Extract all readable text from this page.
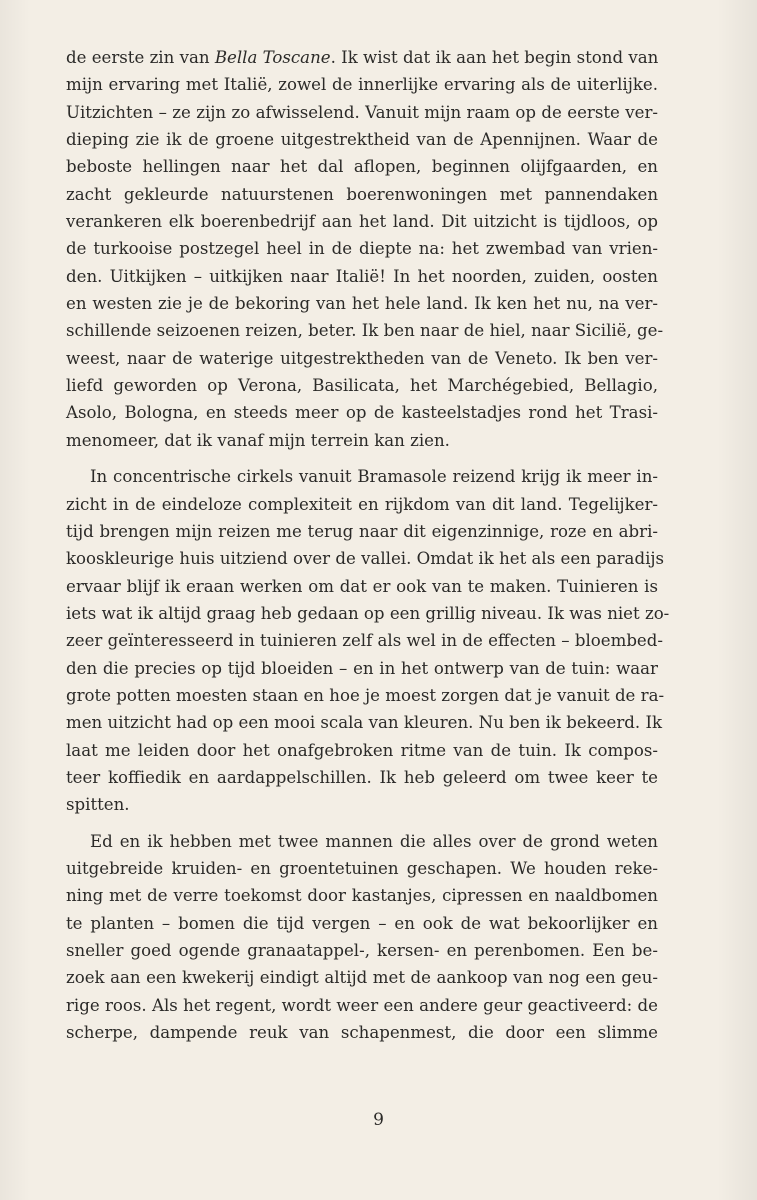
de eerste zin van Bella Toscane. Ik wist dat ik aan het begin stond van
mijn ervaring met Italië, zowel de innerlijke ervaring als de uiterlijke.
Uitzichten – ze zijn zo afwisselend. Vanuit mijn raam op de eerste ver-
dieping zie ik de groene uitgestrektheid van de Apennijnen. Waar de
beboste hellingen naar het dal aflopen, beginnen olijfgaarden, en
zacht gekleurde natuurstenen boerenwoningen met pannendaken
verankeren elk boerenbedrijf aan het land. Dit uitzicht is tijdloos, op
de turkooise postzegel heel in de diepte na: het zwembad van vrien-
den. Uitkijken – uitkijken naar Italië! In het noorden, zuiden, oosten
en westen zie je de bekoring van het hele land. Ik ken het nu, na ver-
schillende seizoenen reizen, beter. Ik ben naar de hiel, naar Sicilië, ge-
weest, naar de waterige uitgestrektheden van de Veneto. Ik ben ver-
liefd geworden op Verona, Basilicata, het Marchégebied, Bellagio,
Asolo, Bologna, en steeds meer op de kasteelstadjes rond het Trasi-
menomeer, dat ik vanaf mijn terrein kan zien.
In concentrische cirkels vanuit Bramasole reizend krijg ik meer in-
zicht in de eindeloze complexiteit en rijkdom van dit land. Tegelijker-
tijd brengen mijn reizen me terug naar dit eigenzinnige, roze en abri-
kooskleurige huis uitziend over de vallei. Omdat ik het als een paradijs
ervaar blijf ik eraan werken om dat er ook van te maken. Tuinieren is
iets wat ik altijd graag heb gedaan op een grillig niveau. Ik was niet zo-
zeer geïnteresseerd in tuinieren zelf als wel in de effecten – bloembed-
den die precies op tijd bloeiden – en in het ontwerp van de tuin: waar
grote potten moesten staan en hoe je moest zorgen dat je vanuit de ra-
men uitzicht had op een mooi scala van kleuren. Nu ben ik bekeerd. Ik
laat me leiden door het onafgebroken ritme van de tuin. Ik compos-
teer koffiedik en aardappelschillen. Ik heb geleerd om twee keer te
spitten.
Ed en ik hebben met twee mannen die alles over de grond weten
uitgebreide kruiden- en groentetuinen geschapen. We houden reke-
ning met de verre toekomst door kastanjes, cipressen en naaldbomen
te planten – bomen die tijd vergen – en ook de wat bekoorlijker en
sneller goed ogende granaatappel-, kersen- en perenbomen. Een be-
zoek aan een kwekerij eindigt altijd met de aankoop van nog een geu-
rige roos. Als het regent, wordt weer een andere geur geactiveerd: de
scherpe, dampende reuk van schapenmest, die door een slimme
9
